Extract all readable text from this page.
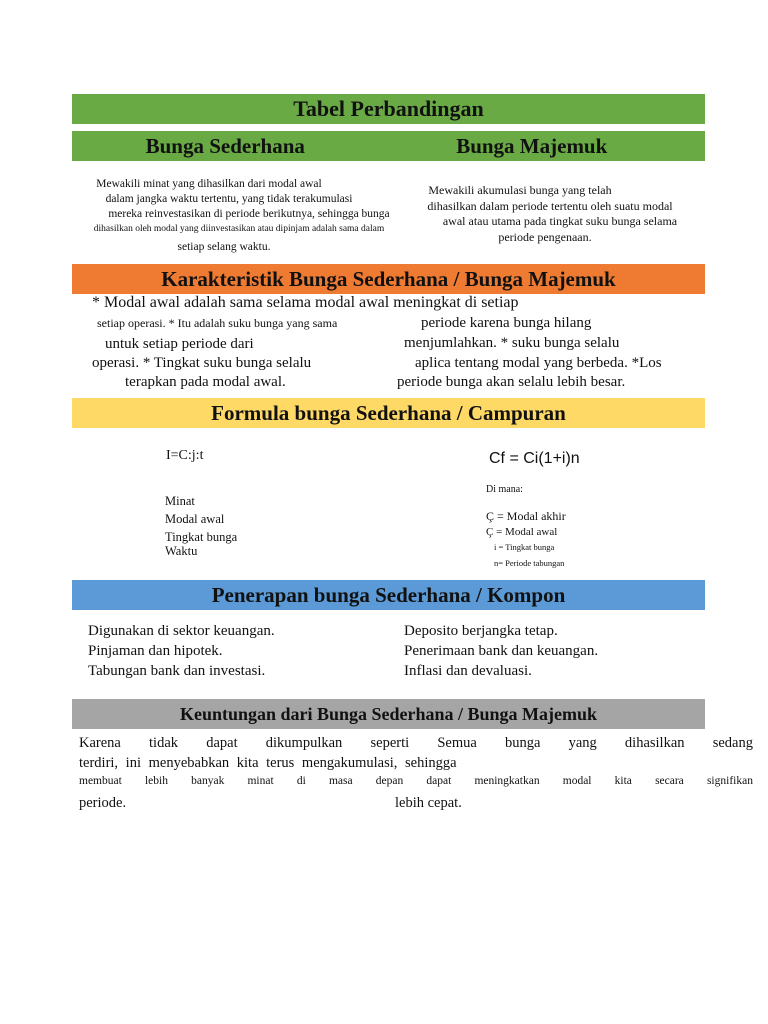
Tabel Perbandingan
Bunga Sederhana	Bunga Majemuk
Mewakili minat yang dihasilkan dari modal awal
dalam jangka waktu tertentu, yang tidak terakumulasi
mereka reinvestasikan di periode berikutnya, sehingga bunga
dihasilkan oleh modal yang diinvestasikan atau dipinjam adalah sama dalam
setiap selang waktu.
Mewakili akumulasi bunga yang telah
dihasilkan dalam periode tertentu oleh suatu modal
awal atau utama pada tingkat suku bunga selama
periode pengenaan.
Karakteristik Bunga Sederhana / Bunga Majemuk
* Modal awal adalah sama selama modal awal meningkat di setiap
setiap operasi. * Itu adalah suku bunga yang sama
untuk setiap periode dari
operasi. * Tingkat suku bunga selalu
terapkan pada modal awal.
periode karena bunga hilang
menjumlahkan. * suku bunga selalu
aplica tentang modal yang berbeda. *Los
periode bunga akan selalu lebih besar.
Formula bunga Sederhana / Campuran
I=C:j:t
Minat
Modal awal
Tingkat bunga
Waktu
Cf = Ci(1+i)n
Di mana:
Ç = Modal akhir
Ç = Modal awal
i = Tingkat bunga
n= Periode tabungan
Penerapan bunga Sederhana / Kompon
Digunakan di sektor keuangan.
Pinjaman dan hipotek.
Tabungan bank dan investasi.
Deposito berjangka tetap.
Penerimaan bank dan keuangan.
Inflasi dan devaluasi.
Keuntungan dari Bunga Sederhana / Bunga Majemuk
Karena tidak dapat dikumpulkan seperti Semua bunga yang dihasilkan sedang
terdiri, ini menyebabkan kita terus mengakumulasi, sehingga
membuat lebih banyak minat di masa depan dapat meningkatkan modal kita secara signifikan
periode.	lebih cepat.
